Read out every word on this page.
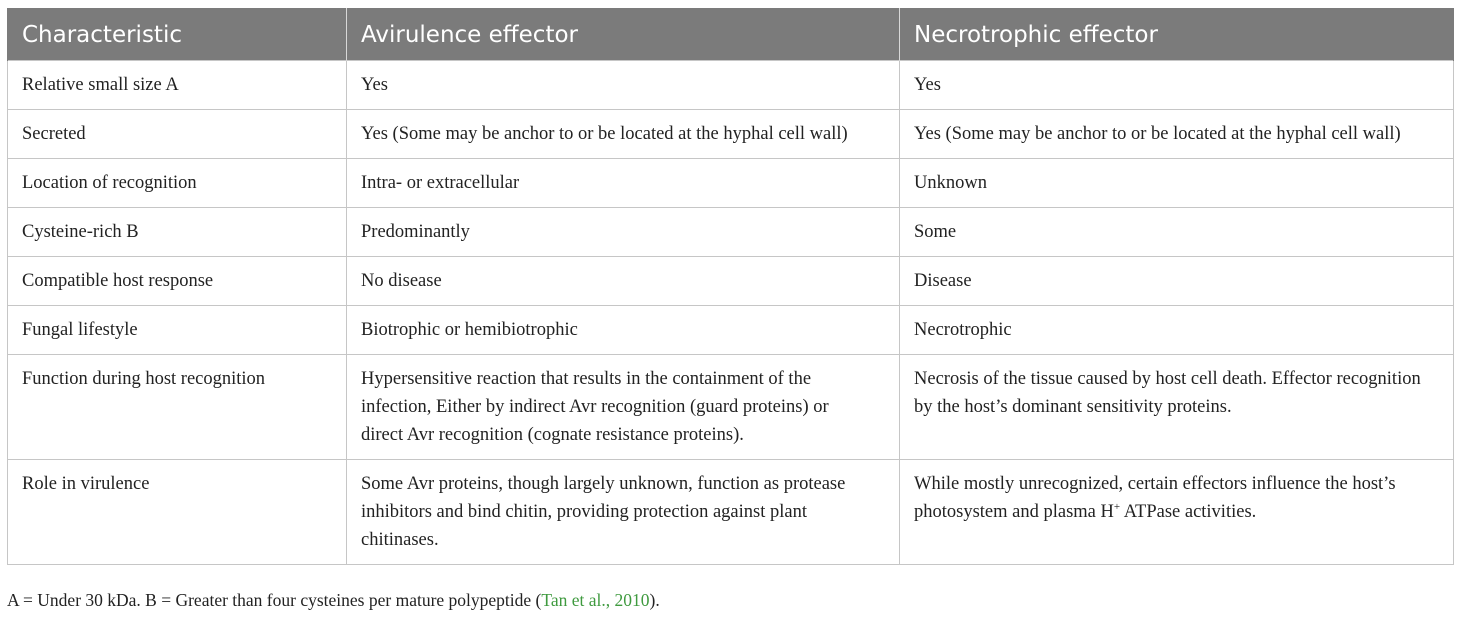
Characteristic	Avirulence effector	Necrotrophic effector
Relative small size A	Yes	Yes
Secreted	Yes (Some may be anchor to or be located at the hyphal cell wall)	Yes (Some may be anchor to or be located at the hyphal cell wall)
Location of recognition	Intra- or extracellular	Unknown
Cysteine-rich B	Predominantly	Some
Compatible host response	No disease	Disease
Fungal lifestyle	Biotrophic or hemibiotrophic	Necrotrophic
Function during host recognition	Hypersensitive reaction that results in the containment of the infection, Either by indirect Avr recognition (guard proteins) or direct Avr recognition (cognate resistance proteins).	Necrosis of the tissue caused by host cell death. Effector recognition by the host’s dominant sensitivity proteins.
Role in virulence	Some Avr proteins, though largely unknown, function as protease inhibitors and bind chitin, providing protection against plant chitinases.	While mostly unrecognized, certain effectors influence the host’s photosystem and plasma H+ ATPase activities.
A = Under 30 kDa. B = Greater than four cysteines per mature polypeptide (Tan et al., 2010).
